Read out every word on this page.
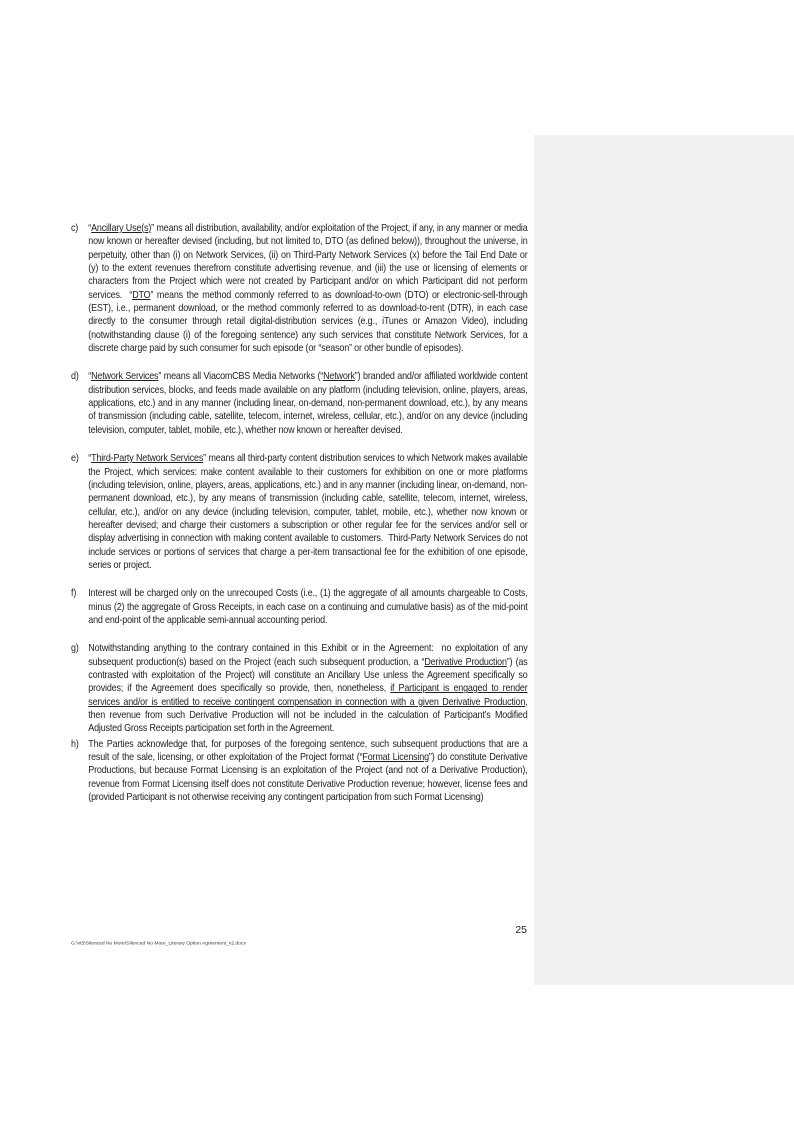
c) “Ancillary Use(s)” means all distribution, availability, and/or exploitation of the Project, if any, in any manner or media now known or hereafter devised (including, but not limited to, DTO (as defined below)), throughout the universe, in perpetuity, other than (i) on Network Services, (ii) on Third-Party Network Services (x) before the Tail End Date or (y) to the extent revenues therefrom constitute advertising revenue, and (iii) the use or licensing of elements or characters from the Project which were not created by Participant and/or on which Participant did not perform services.  “DTO” means the method commonly referred to as download-to-own (DTO) or electronic-sell-through (EST), i.e., permanent download, or the method commonly referred to as download-to-rent (DTR), in each case directly to the consumer through retail digital-distribution services (e.g., iTunes or Amazon Video), including (notwithstanding clause (i) of the foregoing sentence) any such services that constitute Network Services, for a discrete charge paid by such consumer for such episode (or “season” or other bundle of episodes).
d) “Network Services” means all ViacomCBS Media Networks (“Network”) branded and/or affiliated worldwide content distribution services, blocks, and feeds made available on any platform (including television, online, players, areas, applications, etc.) and in any manner (including linear, on-demand, non-permanent download, etc.), by any means of transmission (including cable, satellite, telecom, internet, wireless, cellular, etc.), and/or on any device (including television, computer, tablet, mobile, etc.), whether now known or hereafter devised.
e) “Third-Party Network Services” means all third-party content distribution services to which Network makes available the Project, which services: make content available to their customers for exhibition on one or more platforms (including television, online, players, areas, applications, etc.) and in any manner (including linear, on-demand, non-permanent download, etc.), by any means of transmission (including cable, satellite, telecom, internet, wireless, cellular, etc.), and/or on any device (including television, computer, tablet, mobile, etc.), whether now known or hereafter devised; and charge their customers a subscription or other regular fee for the services and/or sell or display advertising in connection with making content available to customers.  Third-Party Network Services do not include services or portions of services that charge a per-item transactional fee for the exhibition of one episode, series or project.
f) Interest will be charged only on the unrecouped Costs (i.e., (1) the aggregate of all amounts chargeable to Costs, minus (2) the aggregate of Gross Receipts, in each case on a continuing and cumulative basis) as of the mid-point and end-point of the applicable semi-annual accounting period.
g) Notwithstanding anything to the contrary contained in this Exhibit or in the Agreement:  no exploitation of any subsequent production(s) based on the Project (each such subsequent production, a “Derivative Production”) (as contrasted with exploitation of the Project) will constitute an Ancillary Use unless the Agreement specifically so provides; if the Agreement does specifically so provide, then, nonetheless, if Participant is engaged to render services and/or is entitled to receive contingent compensation in connection with a given Derivative Production, then revenue from such Derivative Production will not be included in the calculation of Participant’s Modified Adjusted Gross Receipts participation set forth in the Agreement.
h) The Parties acknowledge that, for purposes of the foregoing sentence, such subsequent productions that are a result of the sale, licensing, or other exploitation of the Project format (“Format Licensing”) do constitute Derivative Productions, but because Format Licensing is an exploitation of the Project (and not of a Derivative Production), revenue from Format Licensing itself does not constitute Derivative Production revenue; however, license fees and (provided Participant is not otherwise receiving any contingent participation from such Format Licensing)
25
G:\vt5\Silenced No More\Silenced No More_Literary Option Agreement_v2.docx
